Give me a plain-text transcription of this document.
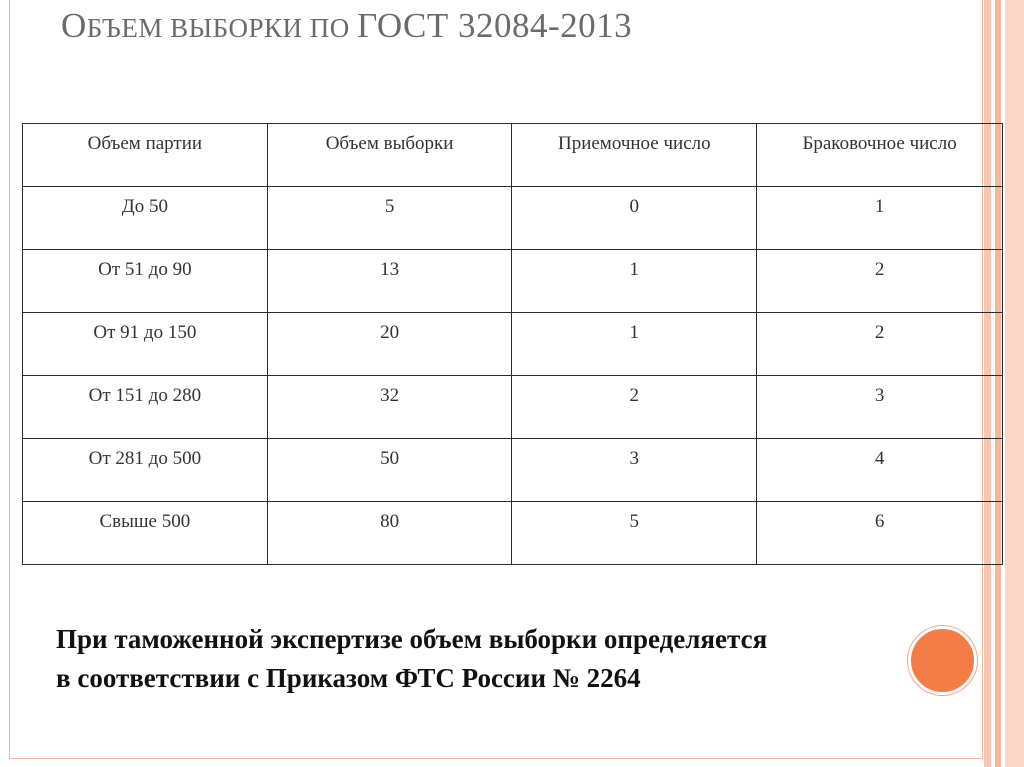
ОБЪЕМ ВЫБОРКИ ПО ГОСТ 32084-2013
Объем партии	Объем выборки	Приемочное число	Браковочное число
До 50	5	0	1
От 51 до 90	13	1	2
От 91 до 150	20	1	2
От 151 до 280	32	2	3
От 281 до 500	50	3	4
Свыше 500	80	5	6
При таможенной экспертизе объем выборки определяется
в соответствии с Приказом ФТС России № 2264
